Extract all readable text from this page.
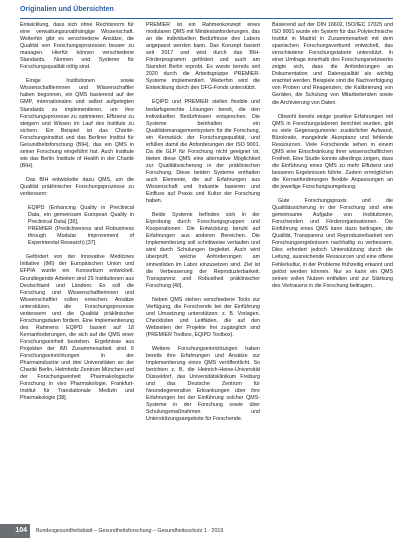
Originalien und Übersichten

Entwicklung, dass sich ohne Rechtsnorm für eine verwaltungsunabhängige Wissenschaft. Weiterhin gibt es verschiedene Ansätze, die Qualität von Forschungsprozessen besser zu managen. Hierfür können verschiedene Standards, Normen und Systeme für Forschungsqualität nötig sind.

Einige Institutionen sowie Wissenschaftlerinnen und Wissenschaftler haben begonnen, ein QMS basierend auf der GMP, internationalen und selbst aufgelegten Standards zu implementieren, um ihre Forschungsprozesse zu optimieren, Effizienz zu steigern und Wissen im Lauf des Instituts zu sichern. Ein Beispiel ist das Charité-Forschungsinstitut und das Berliner Institut für Gesundheitsforschung (BIH), das ein QMS in seiner Forschung eingeführt hat. Auch Institute wie das Berlin Institute of Health in der Charité (BIH).

Das BIH entwickelte dazu QMS, um die Qualität präklinischer Forschungsprozesse zu verbessern:

• EQIPD (Enhancing Quality in Preclinical Data, ein gemeinsam European Quality in Preclinical Data) [36],
• PREMIER (Predictiveness and Robustness through Modular Improvement of Experimental Research) [37].

Gefördert von der Innovative Medicines Initiative (IMI) der Europäischen Union und EFPIA wurde ein Konsortium entwickelt. Grundlegende Arbeiten sind 29 Institutionen aus Deutschland und Ländern. Es soll die Forschung und Wissenschaftlerinnen und Wissenschaftler sollen erreichen. Ansätze unterstützen, die Forschungsprozesse verbessern und die Qualität präklinischer Forschungsdaten fördern. Eine Implementierung des Rahmens EQIPD basiert auf 18 Kernanforderungen, die sich auf die QMS einer Forschungseinheit beziehen. Ergebnisse aus Projekten der IMI Zusammenarbeit sind 6 Forschungseinrichtungen in der Pharmaindustrie und drei Universitäten an der Charité Berlin, Helmholtz Zentrum München und der Forschungseinheit Pharmakologische Forschung in vivo Pharmakologie, Frankfurt-Institut für Translationale Medizin und Pharmakologie [38].

PREMIER ist ein Rahmenkonzept eines modularen QMS mit Mindestanforderungen, das an die individuellen Bedürfnisse des Labors angepasst werden kann. Das Konzept basiert seit 2017 und wird durch das BIH-Förderprogramm gefördert und auch am Standort Berlin erprobt. Es wurde bereits seit 2020 durch die Arbeitsgruppe PREMIER-Systeme implementiert. Weiterhin wird die Entwicklung durch den DFG-Fonds unterstützt.

EQIPD und PREMIER stellen flexible und bedarfsgerechte Lösungen bereit, die den individuellen Bedürfnissen entsprechen. Die Systeme beinhalten ein Qualitätsmanagementsystem für die Forschung, ein Kernstück der Forschungsqualität, und erfüllen damit die Anforderungen der ISO 9001. Da die GLP für Forschung nicht geeignet ist, bieten diese QMS eine alternative Möglichkeit zur Qualitätssicherung in der präklinischen Forschung. Diese beiden Systeme enthalten auch Elemente, die auf Erfahrungen aus Wissenschaft und Industrie basieren und Einfluss auf Praxis und Kultur der Forschung haben.

Beide Systeme befinden sich in der Erprobung durch Forschungsgruppen und Kooperationen. Die Entwicklung beruht auf Erfahrungen aus anderen Bereichen. Die Implementierung soll schrittweise verlaufen und wird durch Schulungen begleitet. Auch wird überprüft, welche Anforderungen am sinnvollsten im Labor einzusetzen sind. Ziel ist die Verbesserung der Reproduzierbarkeit, Transparenz und Robustheit präklinischer Forschung [40].

Neben QMS stehen verschiedene Tools zur Verfügung, die Forschende bei der Einführung und Umsetzung unterstützen: z. B. Vorlagen, Checklisten und Leitfäden, die auf den Webseiten der Projekte frei zugänglich sind (PREMIER Toolbox, EQIPD Toolbox).

Weitere Forschungseinrichtungen haben bereits ihre Erfahrungen und Ansätze zur Implementierung eines QMS veröffentlicht. So berichten z. B. die Heinrich-Heine-Universität Düsseldorf, das Universitätsklinikum Freiburg und das Deutsche Zentrum für Neurodegenerative Erkrankungen über ihre Erfahrungen bei der Einführung solcher QMS-Systeme in der Forschung sowie über Schulungsmaßnahmen und Unterstützungsangebote für Forschende.

Basierend auf der DIN 16602, ISO/IEC 17025 und ISO 9001 wurde ein System für das Polytechnische Institut in Madrid in Zusammenarbeit mit dem spanischen Forschungsverbund entwickelt, das verschiedene Forschungslabore unterstützt. In einer Umfrage innerhalb des Forschungsnetzwerks zeigte sich, dass die Anforderungen an Dokumentation und Datenqualität als wichtig erachtet werden. Beispiele sind die Nachverfolgung von Proben und Reagenzien, die Kalibrierung von Geräten, die Schulung von Mitarbeitenden sowie die Archivierung von Daten.

Obwohl bereits einige positive Erfahrungen mit QMS in Forschungslaboren berichtet wurden, gibt es viele Gegenargumente: zusätzlicher Aufwand, Bürokratie, mangelnde Akzeptanz und fehlende Ressourcen. Viele Forschende sehen in einem QMS eine Einschränkung ihrer wissenschaftlichen Freiheit. Eine Studie konnte allerdings zeigen, dass die Einführung eines QMS zu mehr Effizienz und besseren Ergebnissen führte. Zudem ermöglichen die Kernanforderungen flexible Anpassungen an die jeweilige Forschungsumgebung.

Gute Forschungspraxis und die Qualitätssicherung in der Forschung sind eine gemeinsame Aufgabe von Institutionen, Forschenden und Förderorganisationen. Die Einführung eines QMS kann dazu beitragen, die Qualität, Transparenz und Reproduzierbarkeit von Forschungsergebnissen nachhaltig zu verbessern. Dies erfordert jedoch Unterstützung durch die Leitung, ausreichende Ressourcen und eine offene Fehlerkultur, in der Probleme frühzeitig erkannt und gelöst werden können. Nur so kann ein QMS seinen vollen Nutzen entfalten und zur Stärkung des Vertrauens in die Forschung beitragen.

104	Bundesgesundheitsblatt – Gesundheitsforschung – Gesundheitsschutz 1 · 2019
